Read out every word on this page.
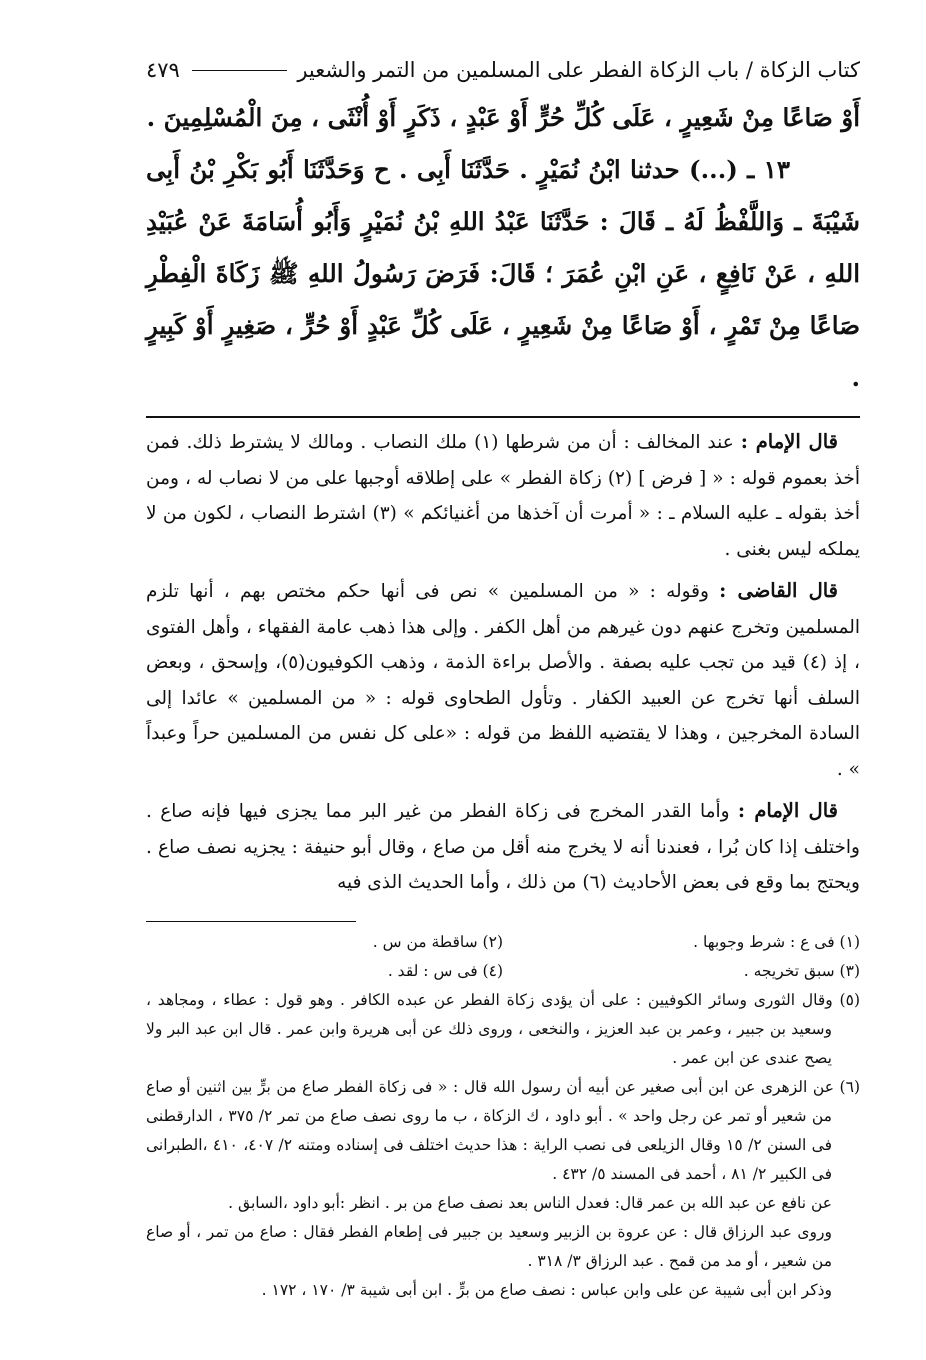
كتاب الزكاة / باب الزكاة الفطر على المسلمين من التمر والشعير
٤٧٩

أَوْ صَاعًا مِنْ شَعِيرٍ ، عَلَى كُلِّ حُرٍّ أَوْ عَبْدٍ ، ذَكَرٍ أَوْ أُنْثَى ، مِنَ الْمُسْلِمِينَ .

١٣ ـ (...) حدثنا ابْنُ نُمَيْرٍ . حَدَّثَنَا أَبِى . ح وَحَدَّثَنَا أَبُو بَكْرِ بْنُ أَبِى شَيْبَةَ ـ وَاللَّفْظُ لَهُ ـ قَالَ : حَدَّثَنَا عَبْدُ اللهِ بْنُ نُمَيْرٍ وَأَبُو أُسَامَةَ عَنْ عُبَيْدِ اللهِ ، عَنْ نَافِعٍ ، عَنِ ابْنِ عُمَرَ ؛ قَالَ: فَرَضَ رَسُولُ اللهِ ﷺ زَكَاةَ الْفِطْرِ صَاعًا مِنْ تَمْرٍ ، أَوْ صَاعًا مِنْ شَعِيرٍ ، عَلَى كُلِّ عَبْدٍ أَوْ حُرٍّ ، صَغِيرٍ أَوْ كَبِيرٍ .

قال الإمام : عند المخالف : أن من شرطها (١) ملك النصاب . ومالك لا يشترط ذلك. فمن أخذ بعموم قوله : « [ فرض ] (٢) زكاة الفطر » على إطلاقه أوجبها على من لا نصاب له ، ومن أخذ بقوله ـ عليه السلام ـ : « أمرت أن آخذها من أغنيائكم » (٣) اشترط النصاب ، لكون من لا يملكه ليس بغنى .

قال القاضى : وقوله : « من المسلمين » نص فى أنها حكم مختص بهم ، أنها تلزم المسلمين وتخرج عنهم دون غيرهم من أهل الكفر . وإلى هذا ذهب عامة الفقهاء ، وأهل الفتوى ، إذ (٤) قيد من تجب عليه بصفة . والأصل براءة الذمة ، وذهب الكوفيون(٥)، وإسحق ، وبعض السلف أنها تخرج عن العبيد الكفار . وتأول الطحاوى قوله : « من المسلمين » عائدا إلى السادة المخرجين ، وهذا لا يقتضيه اللفظ من قوله : «على كل نفس من المسلمين حراً وعبداً » .

قال الإمام : وأما القدر المخرج فى زكاة الفطر من غير البر مما يجزى فيها فإنه صاع . واختلف إذا كان بُرا ، فعندنا أنه لا يخرج منه أقل من صاع ، وقال أبو حنيفة : يجزيه نصف صاع . ويحتج بما وقع فى بعض الأحاديث (٦) من ذلك ، وأما الحديث الذى فيه

(١) فى ع : شرط وجوبها .
(٢) ساقطة من س .
(٣) سبق تخريجه .
(٤) فى س : لقد .

(٥) وقال الثورى وسائر الكوفيين : على أن يؤدى زكاة الفطر عن عبده الكافر . وهو قول : عطاء ، ومجاهد ، وسعيد بن جبير ، وعمر بن عبد العزيز ، والنخعى ، وروى ذلك عن أبى هريرة وابن عمر . قال ابن عبد البر ولا يصح عندى عن ابن عمر .

(٦) عن الزهرى عن ابن أبى صغير عن أبيه أن رسول الله قال : « فى زكاة الفطر صاع من برٍّ بين اثنين أو صاع من شعير أو تمر عن رجل واحد » . أبو داود ، ك الزكاة ، ب ما روى نصف صاع من تمر ٢/ ٣٧٥ ، الدارقطنى فى السنن ٢/ ١٥ وقال الزيلعى فى نصب الراية : هذا حديث اختلف فى إسناده ومتنه ٢/ ٤٠٧، ٤١٠ ،الطبرانى فى الكبير ٢/ ٨١ ، أحمد فى المسند ٥/ ٤٣٢ .

عن نافع عن عبد الله بن عمر قال: فعدل الناس بعد نصف صاع من بر . انظر :أبو داود ،السابق .

وروى عبد الرزاق قال : عن عروة بن الزبير وسعيد بن جبير فى إطعام الفطر فقال : صاع من تمر ، أو صاع من شعير ، أو مد من قمح . عبد الرزاق ٣/ ٣١٨ .

وذكر ابن أبى شيبة عن على وابن عباس : نصف صاع من برٍّ . ابن أبى شيبة ٣/ ١٧٠ ، ١٧٢ .
